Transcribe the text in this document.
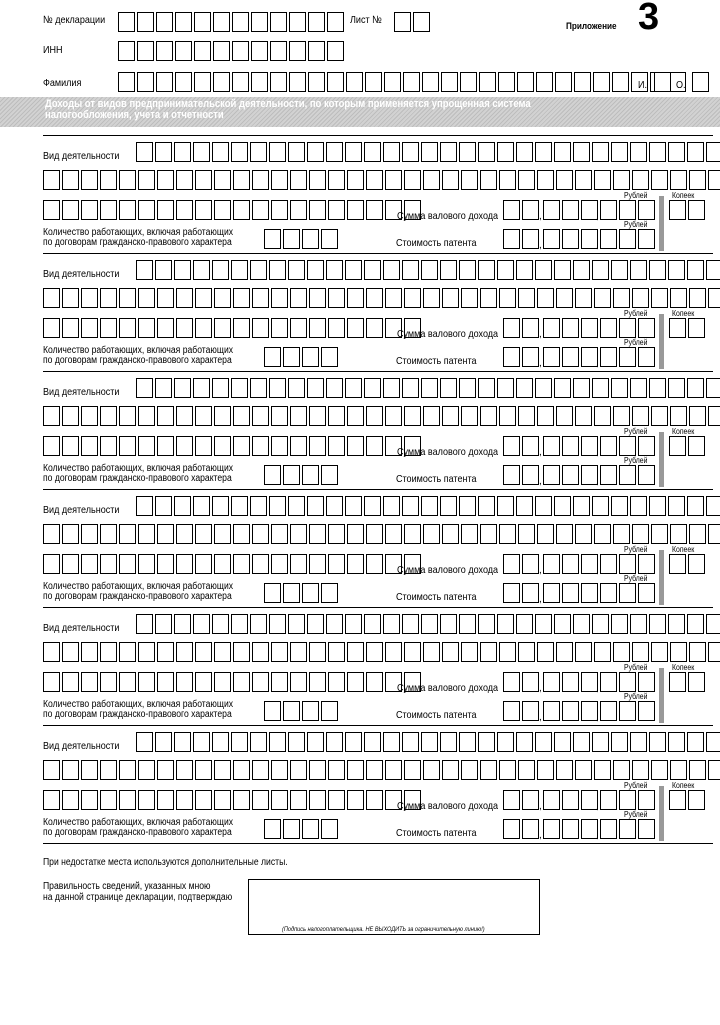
№ декларации	Лист №
Приложение 3
ИНН
Фамилия	И.	О.
Доходы от видов предпринимательской деятельности, по которым применяется упрощенная система налогообложения, учета и отчетности
Вид деятельности
Сумма валового дохода
Рублей	Копеек
,	,
Количество работающих, включая работающих
по договорам гражданско-правового характера	Стоимость патента
Рублей
,	,
Вид деятельности
Сумма валового дохода
Рублей	Копеек
,	,
Количество работающих, включая работающих
по договорам гражданско-правового характера	Стоимость патента
Рублей
,	,
Вид деятельности
Сумма валового дохода
Рублей	Копеек
,	,
Количество работающих, включая работающих
по договорам гражданско-правового характера	Стоимость патента
Рублей
,	,
Вид деятельности
Сумма валового дохода
Рублей	Копеек
,	,
Количество работающих, включая работающих
по договорам гражданско-правового характера	Стоимость патента
Рублей
,	,
Вид деятельности
Сумма валового дохода
Рублей	Копеек
,	,
Количество работающих, включая работающих
по договорам гражданско-правового характера	Стоимость патента
Рублей
,	,
Вид деятельности
Сумма валового дохода
Рублей	Копеек
,	,
Количество работающих, включая работающих
по договорам гражданско-правового характера	Стоимость патента
Рублей
,	,
При недостатке места используются дополнительные листы.
Правильность сведений, указанных мною
на данной странице декларации, подтверждаю
(Подпись налогоплательщика. НЕ ВЫХОДИТЬ за ограничительную линию!)
